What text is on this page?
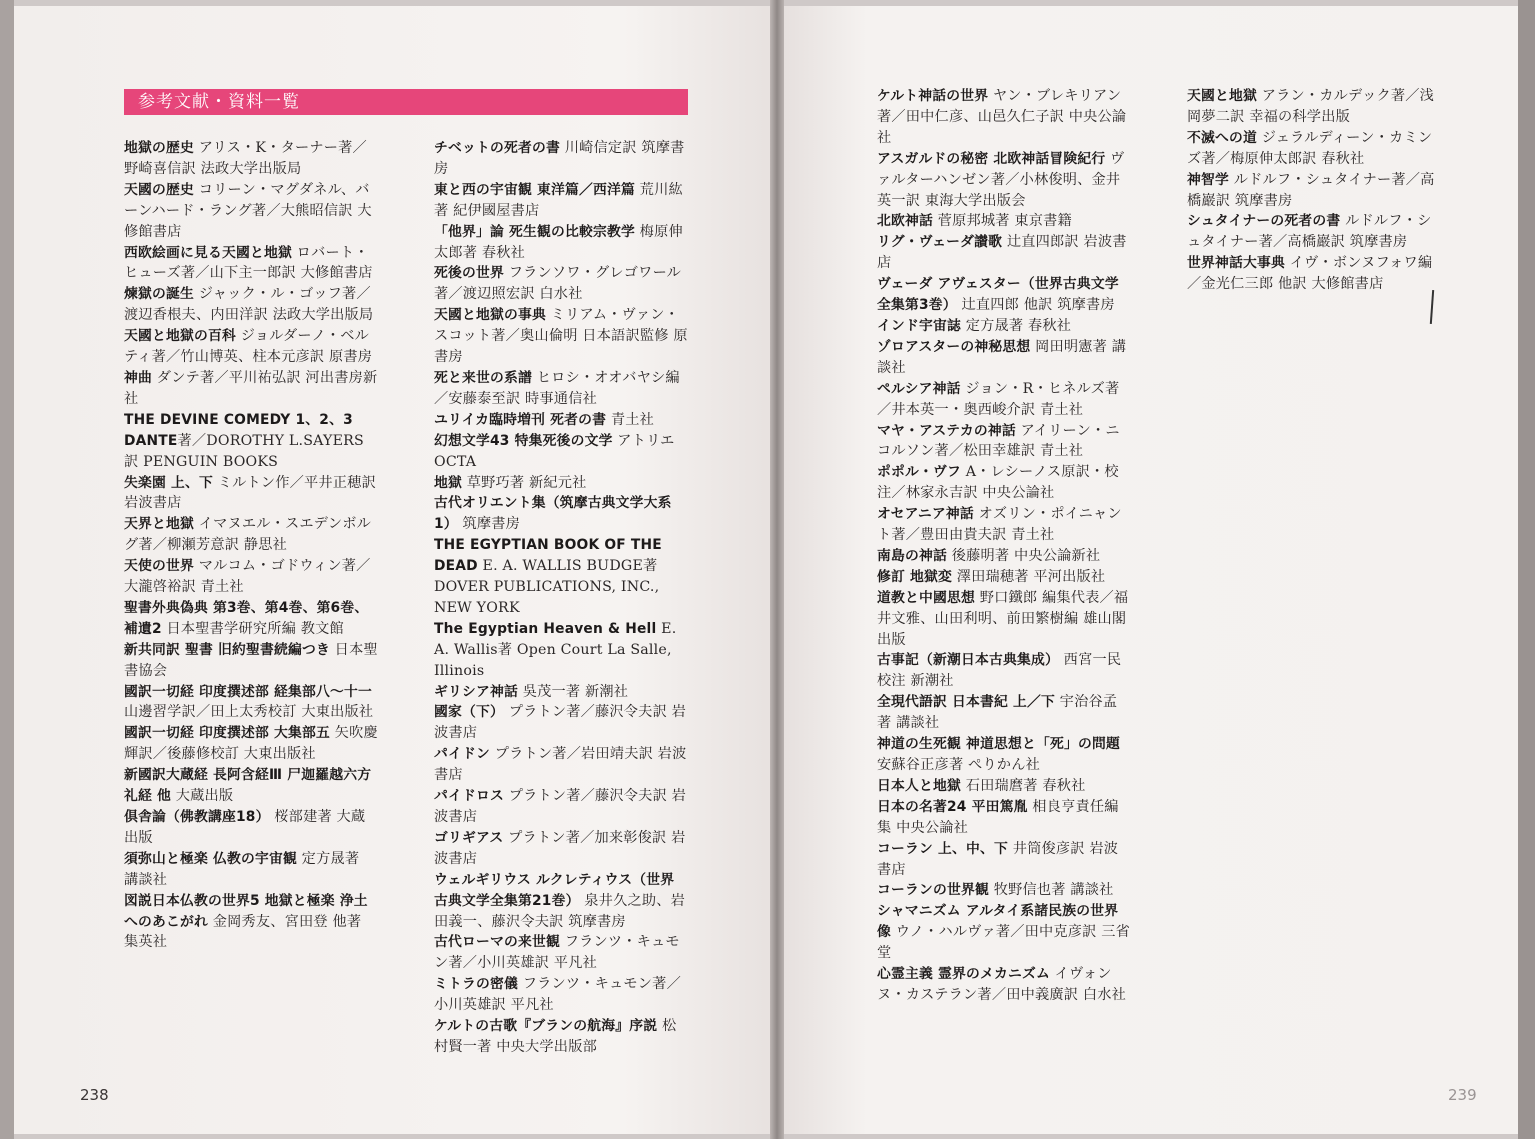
参考文献・資料一覧

地獄の歴史 アリス・K・ターナー著／野崎喜信訳 法政大学出版局

天國の歴史 コリーン・マグダネル、バーンハード・ラング著／大熊昭信訳 大修館書店

西欧絵画に見る天國と地獄 ロバート・ヒューズ著／山下主一郎訳 大修館書店

煉獄の誕生 ジャック・ル・ゴッフ著／渡辺香根夫、内田洋訳 法政大学出版局

天國と地獄の百科 ジョルダーノ・ベルティ著／竹山博英、柱本元彦訳 原書房

神曲 ダンテ著／平川祐弘訳 河出書房新社

THE DEVINE COMEDY 1、2、3 DANTE著／DOROTHY L.SAYERS訳 PENGUIN BOOKS

失楽園 上、下 ミルトン作／平井正穂訳 岩波書店

天界と地獄 イマヌエル・スエデンボルグ著／柳瀬芳意訳 静思社

天使の世界 マルコム・ゴドウィン著／大瀧啓裕訳 青土社

聖書外典偽典 第3巻、第4巻、第6巻、補遺2 日本聖書学研究所編 教文館

新共同訳 聖書 旧約聖書続編つき 日本聖書協会

國訳一切経 印度撰述部 経集部八～十一 山邊習学訳／田上太秀校訂 大東出版社

國訳一切経 印度撰述部 大集部五 矢吹慶輝訳／後藤修校訂 大東出版社

新國訳大蔵経 長阿含経Ⅲ 尸迦羅越六方礼経 他 大蔵出版

倶舎論（佛教講座18） 桜部建著 大蔵出版

須弥山と極楽 仏教の宇宙観 定方晟著 講談社

図説日本仏教の世界5 地獄と極楽 浄土へのあこがれ 金岡秀友、宮田登 他著 集英社

チベットの死者の書 川崎信定訳 筑摩書房

東と西の宇宙観 東洋篇／西洋篇 荒川紘著 紀伊國屋書店

「他界」論 死生観の比較宗教学 梅原伸太郎著 春秋社

死後の世界 フランソワ・グレゴワール著／渡辺照宏訳 白水社

天國と地獄の事典 ミリアム・ヴァン・スコット著／奥山倫明 日本語訳監修 原書房

死と来世の系譜 ヒロシ・オオバヤシ編／安藤泰至訳 時事通信社

ユリイカ臨時増刊 死者の書 青土社

幻想文学43 特集死後の文学 アトリエOCTA

地獄 草野巧著 新紀元社

古代オリエント集（筑摩古典文学大系1） 筑摩書房

THE EGYPTIAN BOOK OF THE DEAD E. A. WALLIS BUDGE著 DOVER PUBLICATIONS, INC., NEW YORK

The Egyptian Heaven & Hell E. A. Wallis著 Open Court La Salle, Illinois

ギリシア神話 吳茂一著 新潮社

國家（下） プラトン著／藤沢令夫訳 岩波書店

パイドン プラトン著／岩田靖夫訳 岩波書店

パイドロス プラトン著／藤沢令夫訳 岩波書店

ゴリギアス プラトン著／加来彰俊訳 岩波書店

ウェルギリウス ルクレティウス（世界古典文学全集第21巻） 泉井久之助、岩田義一、藤沢令夫訳 筑摩書房

古代ローマの来世観 フランツ・キュモン著／小川英雄訳 平凡社

ミトラの密儀 フランツ・キュモン著／小川英雄訳 平凡社

ケルトの古歌『ブランの航海』序説 松村賢一著 中央大学出版部

ケルト神話の世界 ヤン・ブレキリアン著／田中仁彦、山邑久仁子訳 中央公論社

アスガルドの秘密 北欧神話冒険紀行 ヴァルターハンゼン著／小林俊明、金井英一訳 東海大学出版会

北欧神話 菅原邦城著 東京書籍

リグ・ヴェーダ讃歌 辻直四郎訳 岩波書店

ヴェーダ アヴェスター（世界古典文学全集第3巻） 辻直四郎 他訳 筑摩書房

インド宇宙誌 定方晟著 春秋社

ゾロアスターの神秘思想 岡田明憲著 講談社

ペルシア神話 ジョン・R・ヒネルズ著／井本英一・奥西峻介訳 青土社

マヤ・アステカの神話 アイリーン・ニコルソン著／松田幸雄訳 青土社

ポポル・ヴフ A・レシーノス原訳・校注／林家永吉訳 中央公論社

オセアニア神話 オズリン・ポイニャント著／豊田由貴夫訳 青土社

南島の神話 後藤明著 中央公論新社

修訂 地獄変 澤田瑞穂著 平河出版社

道教と中國思想 野口鐵郎 編集代表／福井文雅、山田利明、前田繁樹編 雄山閣出版

古事記（新潮日本古典集成） 西宮一民校注 新潮社

全現代語訳 日本書紀 上／下 宇治谷孟著 講談社

神道の生死観 神道思想と「死」の問題 安蘇谷正彦著 ぺりかん社

日本人と地獄 石田瑞麿著 春秋社

日本の名著24 平田篤胤 相良亨責任編集 中央公論社

コーラン 上、中、下 井筒俊彦訳 岩波書店

コーランの世界観 牧野信也著 講談社

シャマニズム アルタイ系諸民族の世界像 ウノ・ハルヴァ著／田中克彦訳 三省堂

心霊主義 霊界のメカニズム イヴォンヌ・カステラン著／田中義廣訳 白水社

天國と地獄 アラン・カルデック著／浅岡夢二訳 幸福の科学出版

不滅への道 ジェラルディーン・カミンズ著／梅原伸太郎訳 春秋社

神智学 ルドルフ・シュタイナー著／高橋巖訳 筑摩書房

シュタイナーの死者の書 ルドルフ・シュタイナー著／高橋巖訳 筑摩書房

世界神話大事典 イヴ・ボンヌフォワ編／金光仁三郎 他訳 大修館書店

238	239
